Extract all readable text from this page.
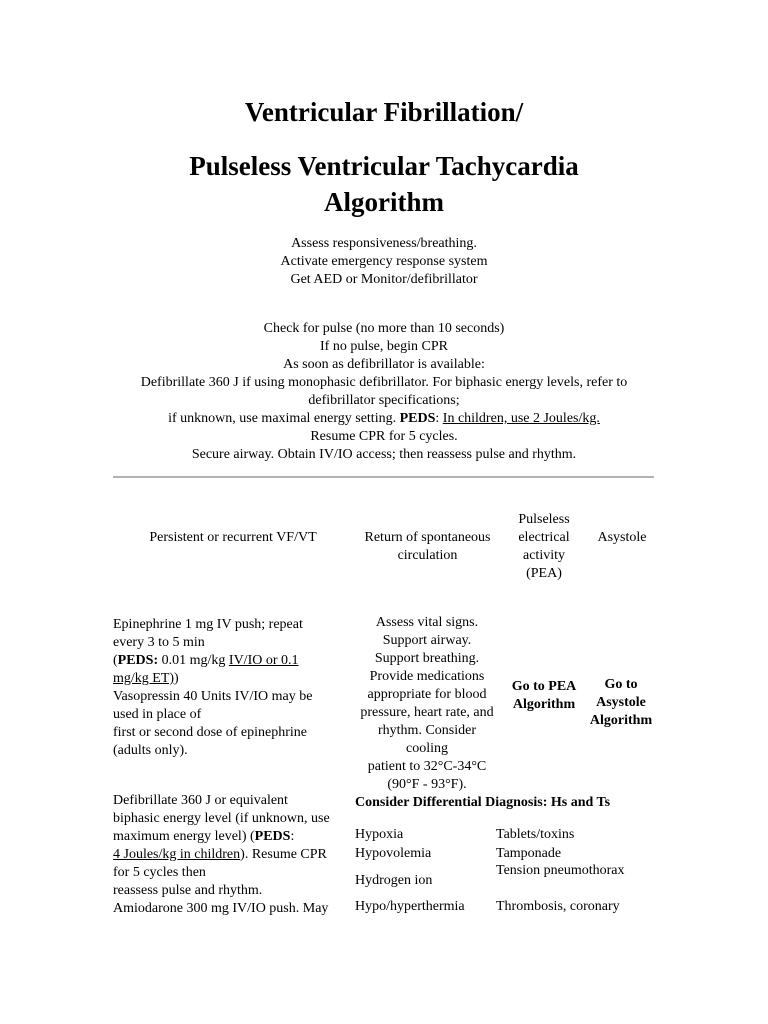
Ventricular Fibrillation/
Pulseless Ventricular Tachycardia
Algorithm
Assess responsiveness/breathing.
Activate emergency response system
Get AED or Monitor/defibrillator
Check for pulse (no more than 10 seconds)
If no pulse, begin CPR
As soon as defibrillator is available:
Defibrillate 360 J if using monophasic defibrillator. For biphasic energy levels, refer to
defibrillator specifications;
if unknown, use maximal energy setting. PEDS: In children, use 2 Joules/kg.
Resume CPR for 5 cycles.
Secure airway. Obtain IV/IO access; then reassess pulse and rhythm.
Persistent or recurrent VF/VT	Return of spontaneous circulation
Pulseless electrical activity (PEA)
Asystole
Epinephrine 1 mg IV push; repeat
every 3 to 5 min
(PEDS: 0.01 mg/kg IV/IO or 0.1
mg/kg ET))
Vasopressin 40 Units IV/IO may be
used in place of
first or second dose of epinephrine
(adults only).
Assess vital signs.
Support airway.
Support breathing.
Provide medications
appropriate for blood
pressure, heart rate, and
rhythm. Consider
cooling
patient to 32°C-34°C
(90°F - 93°F).
Go to PEA
Algorithm
Go to
Asystole
Algorithm
Defibrillate 360 J or equivalent
biphasic energy level (if unknown, use
maximum energy level) (PEDS:
4 Joules/kg in children). Resume CPR
for 5 cycles then
reassess pulse and rhythm.
Amiodarone 300 mg IV/IO push. May
Consider Differential Diagnosis: Hs and Ts
Hypoxia
Hypovolemia
Hydrogen ion
Hypo/hyperthermia
Tablets/toxins
Tamponade
Tension pneumothorax
Thrombosis, coronary
